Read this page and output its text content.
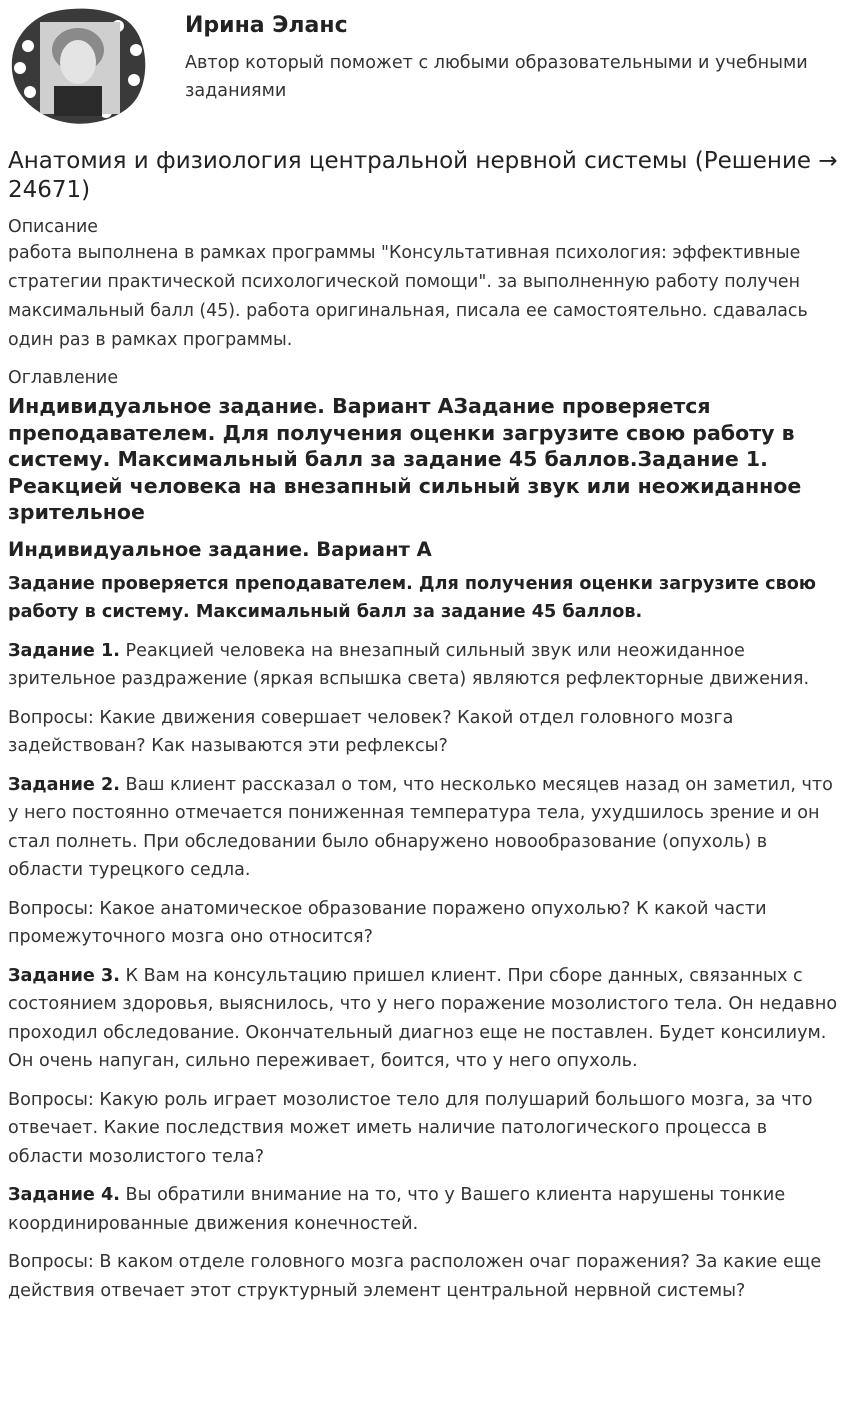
Ирина Эланс

Автор который поможет с любыми образовательными и учебными заданиями

Анатомия и физиология центральной нервной системы (Решение → 24671)

Описание

работа выполнена в рамках программы "Консультативная психология: эффективные стратегии практической психологической помощи". за выполненную работу получен максимальный балл (45). работа оригинальная, писала ее самостоятельно. сдавалась один раз в рамках программы.

Оглавление

Индивидуальное задание. Вариант АЗадание проверяется преподавателем. Для получения оценки загрузите свою работу в систему. Максимальный балл за задание 45 баллов.Задание 1. Реакцией человека на внезапный сильный звук или неожиданное зрительное

Индивидуальное задание. Вариант А

Задание проверяется преподавателем. Для получения оценки загрузите свою работу в систему. Максимальный балл за задание 45 баллов.

Задание 1. Реакцией человека на внезапный сильный звук или неожиданное зрительное раздражение (яркая вспышка света) являются рефлекторные движения.

Вопросы: Какие движения совершает человек? Какой отдел головного мозга задействован? Как называются эти рефлексы?

Задание 2. Ваш клиент рассказал о том, что несколько месяцев назад он заметил, что у него постоянно отмечается пониженная температура тела, ухудшилось зрение и он стал полнеть. При обследовании было обнаружено новообразование (опухоль) в области турецкого седла.

Вопросы: Какое анатомическое образование поражено опухолью? К какой части промежуточного мозга оно относится?

Задание 3. К Вам на консультацию пришел клиент. При сборе данных, связанных с состоянием здоровья, выяснилось, что у него поражение мозолистого тела. Он недавно проходил обследование. Окончательный диагноз еще не поставлен. Будет консилиум. Он очень напуган, сильно переживает, боится, что у него опухоль.

Вопросы: Какую роль играет мозолистое тело для полушарий большого мозга, за что отвечает. Какие последствия может иметь наличие патологического процесса в области мозолистого тела?

Задание 4. Вы обратили внимание на то, что у Вашего клиента нарушены тонкие координированные движения конечностей.

Вопросы: В каком отделе головного мозга расположен очаг поражения? За какие еще действия отвечает этот структурный элемент центральной нервной системы?
